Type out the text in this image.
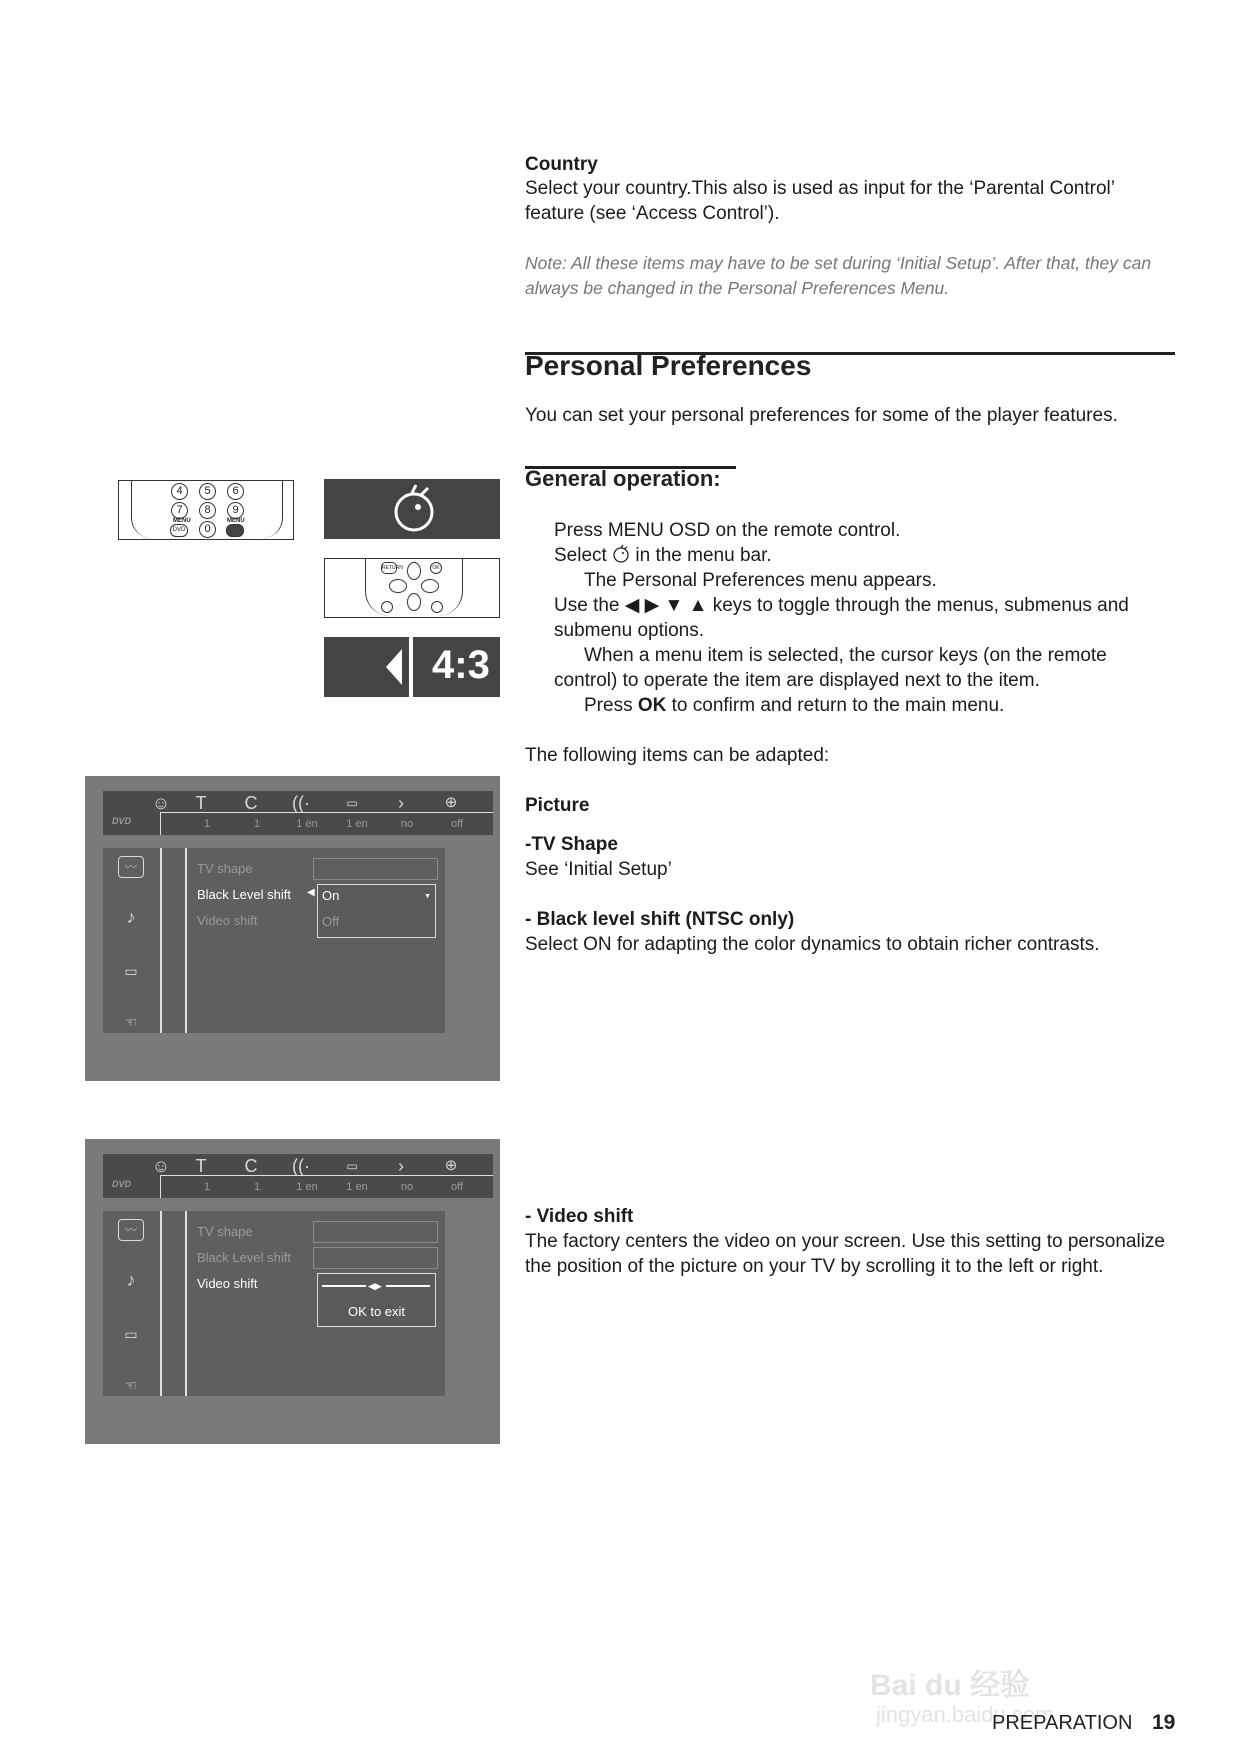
Country
Select your country.This also is used as input for the ‘Parental Control’
feature (see ‘Access Control’).
Note: All these items may have to be set during ‘Initial Setup’. After that, they can
always be changed in the Personal Preferences Menu.
Personal Preferences
You can set your personal preferences for some of the player features.
General operation:
Press MENU OSD on the remote control.
Select in the menu bar.
The Personal Preferences menu appears.
Use the ◀ ▶ ▼ ▲ keys to toggle through the menus, submenus and
submenu options.
When a menu item is selected, the cursor keys (on the remote
control) to operate the item are displayed next to the item.
Press OK to confirm and return to the main menu.
The following items can be adapted:
Picture
-TV Shape
See ‘Initial Setup’
- Black level shift (NTSC only)
Select ON for adapting the color dynamics to obtain richer contrasts.
- Video shift
The factory centers the video on your screen. Use this setting to personalize
the position of the picture on your TV by scrolling it to the left or right.
4	5	6
7	8	9
MENU	MENU
DVD	0
RETURN	OK
4:3
☺ T C ((·	▭	›	⊕
DVD	1	1	1 en	1 en	no	off
〰
♪
▭
☜
TV shape
Black Level shift
Video shift
◀ On	▼
Off
☺ T C ((·	▭	›	⊕
DVD	1	1	1 en	1 en	no	off
〰
♪
▭
☜
TV shape
Black Level shift
Video shift	◀▶
OK to exit
Bai du 经验
jingyan.baidu.com
PREPARATION 19
